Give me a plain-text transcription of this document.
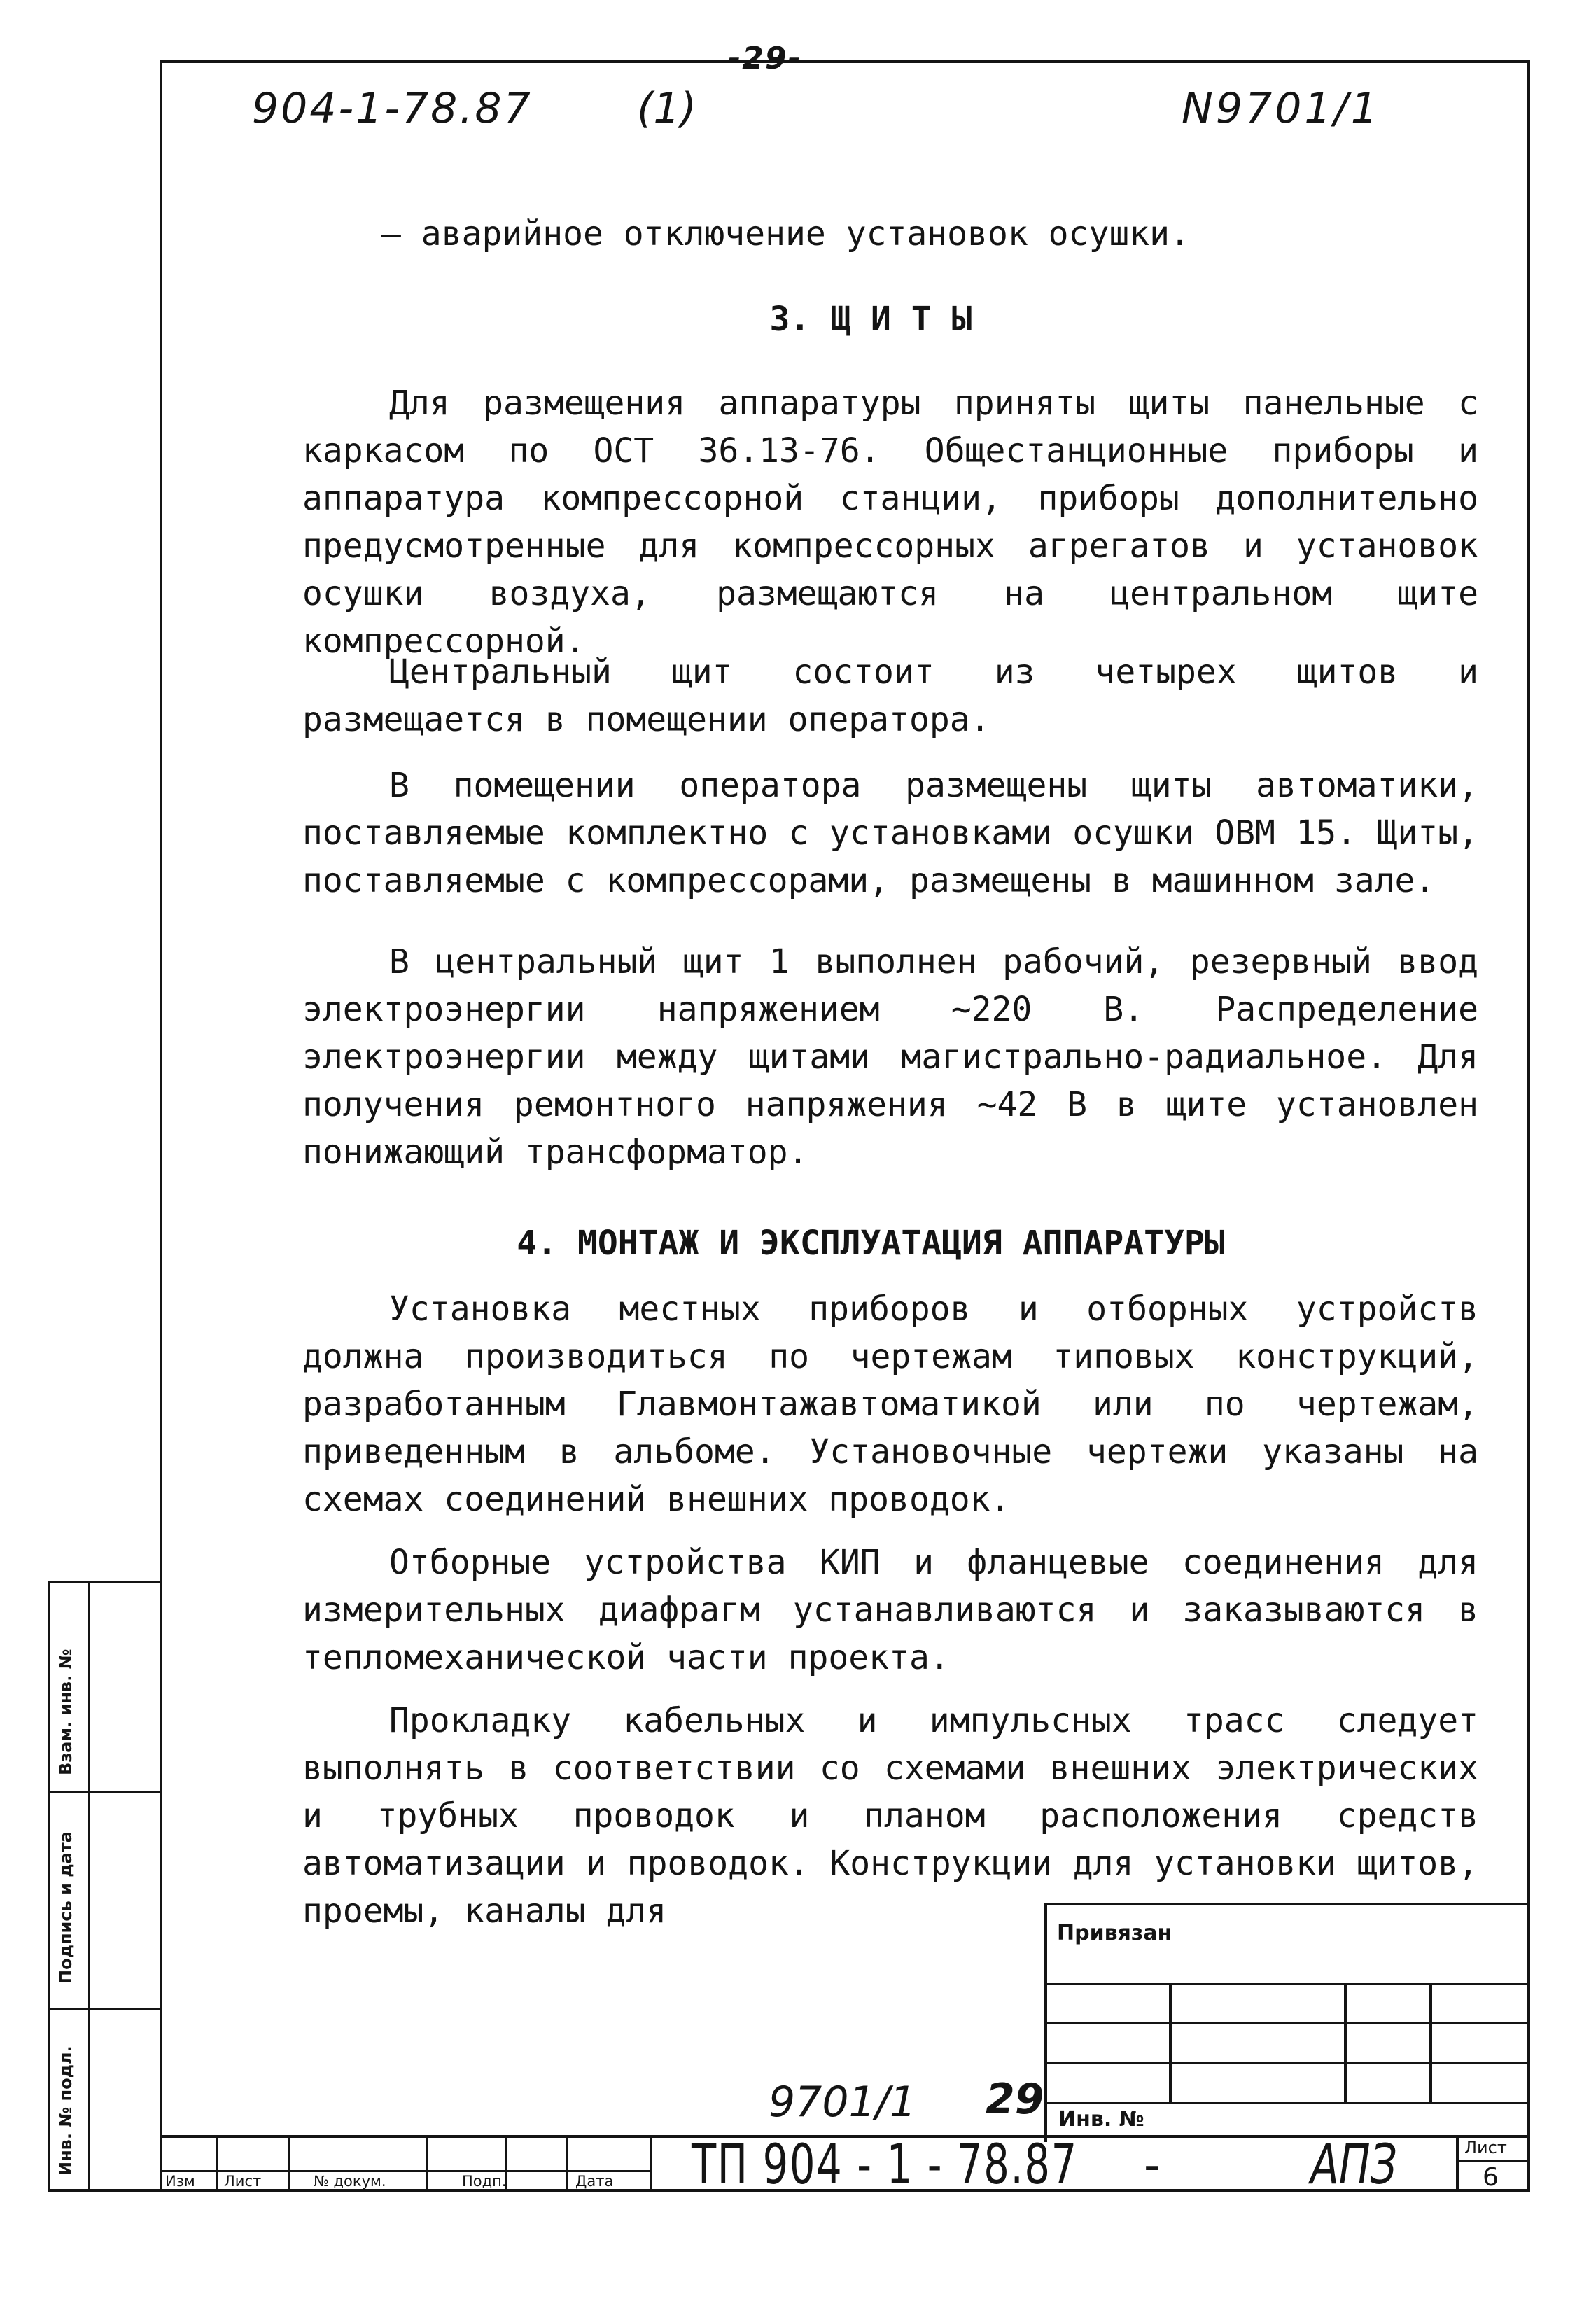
-29-
904-1-78.87 (1)	N9701/1
– аварийное отключение установок осушки.
3. Щ И Т Ы
Для размещения аппаратуры приняты щиты панельные с каркасом по ОСТ 36.13-76. Общестанционные приборы и аппаратура компрессорной станции, приборы дополнительно предусмотренные для компрессорных агрегатов и установок осушки воздуха, размещаются на центральном щите компрессорной.
Центральный щит состоит из четырех щитов и размещается в помещении оператора.
В помещении оператора размещены щиты автоматики, поставляемые комплектно с установками осушки ОВМ 15. Щиты, поставляемые с компрессорами, размещены в машинном зале.
В центральный щит 1 выполнен рабочий, резервный ввод электроэнергии напряжением ~220 В. Распределение электроэнергии между щитами магистрально-радиальное. Для получения ремонтного напряжения ~42 В в щите установлен понижающий трансформатор.
4. МОНТАЖ И ЭКСПЛУАТАЦИЯ АППАРАТУРЫ
Установка местных приборов и отборных устройств должна производиться по чертежам типовых конструкций, разработанным Главмонтажавтоматикой или по чертежам, приведенным в альбоме. Установочные чертежи указаны на схемах соединений внешних проводок.
Отборные устройства КИП и фланцевые соединения для измерительных диафрагм устанавливаются и заказываются в тепломеханической части проекта.
Прокладку кабельных и импульсных трасс следует выполнять в соответствии со схемами внешних электрических и трубных проводок и планом расположения средств автоматизации и проводок. Конструкции для установки щитов, проемы, каналы для
Взам. инв. №
Подпись и дата
Инв. № подл.
Привязан
Инв. №
9701/1 29
Изм Лист	№ докум.	Подп.	Дата ТП 904 - 1 - 78.87 -	АПЗ	Лист
6
